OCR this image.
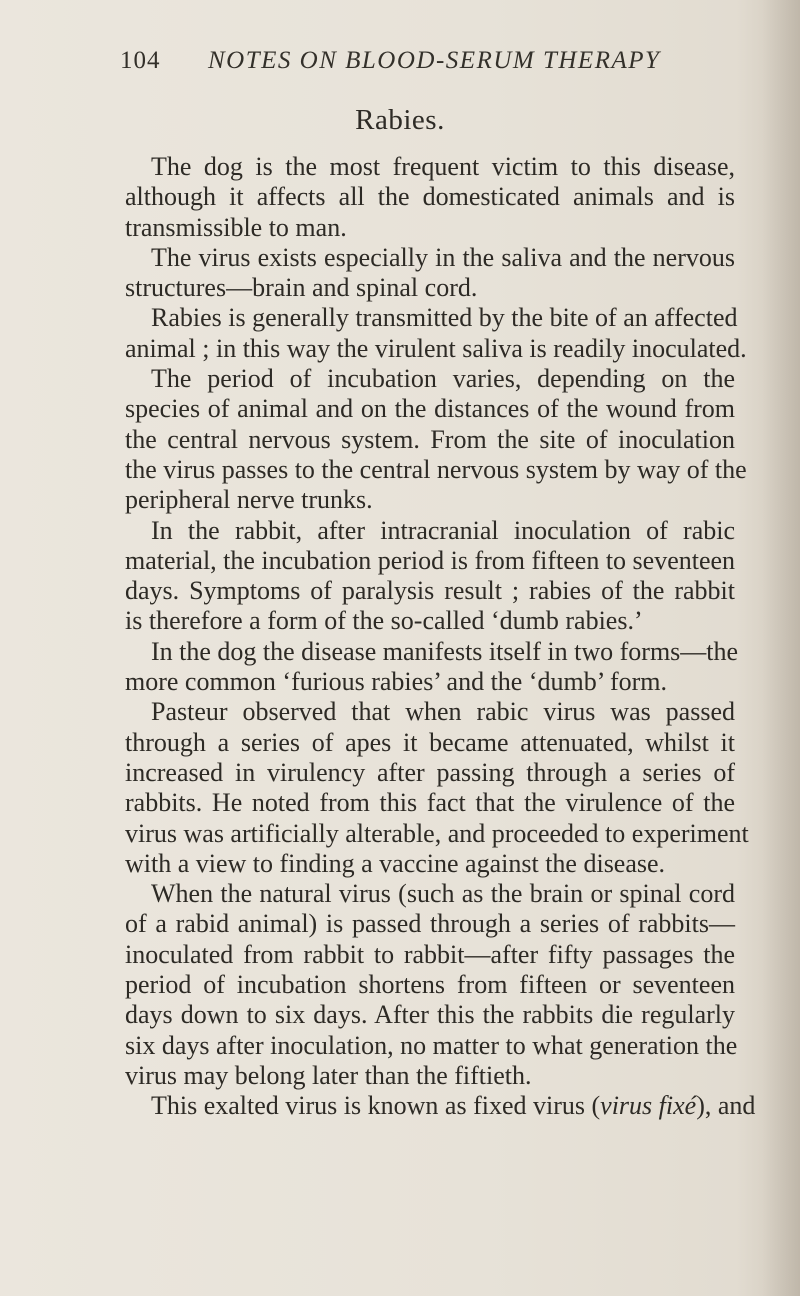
104 NOTES ON BLOOD-SERUM THERAPY
Rabies.
The dog is the most frequent victim to this disease,
although it affects all the domesticated animals and is
transmissible to man.
The virus exists especially in the saliva and the nervous
structures—brain and spinal cord.
Rabies is generally transmitted by the bite of an affected
animal ; in this way the virulent saliva is readily inoculated.
The period of incubation varies, depending on the
species of animal and on the distances of the wound from
the central nervous system. From the site of inoculation
the virus passes to the central nervous system by way of the
peripheral nerve trunks.
In the rabbit, after intracranial inoculation of rabic
material, the incubation period is from fifteen to seventeen
days. Symptoms of paralysis result ; rabies of the rabbit
is therefore a form of the so-called ‘dumb rabies.’
In the dog the disease manifests itself in two forms—the
more common ‘furious rabies’ and the ‘dumb’ form.
Pasteur observed that when rabic virus was passed
through a series of apes it became attenuated, whilst it
increased in virulency after passing through a series of
rabbits. He noted from this fact that the virulence of the
virus was artificially alterable, and proceeded to experiment
with a view to finding a vaccine against the disease.
When the natural virus (such as the brain or spinal cord
of a rabid animal) is passed through a series of rabbits—
inoculated from rabbit to rabbit—after fifty passages the
period of incubation shortens from fifteen or seventeen
days down to six days. After this the rabbits die regularly
six days after inoculation, no matter to what generation the
virus may belong later than the fiftieth.
This exalted virus is known as fixed virus (virus fixé), and
